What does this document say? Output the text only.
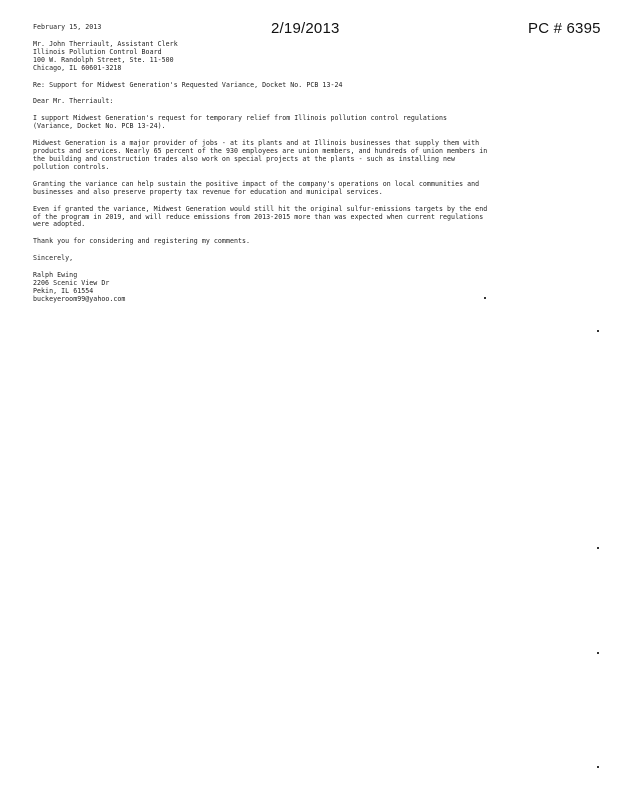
2/19/2013	PC # 6395
February 15, 2013
Mr. John Therriault, Assistant Clerk
Illinois Pollution Control Board
100 W. Randolph Street, Ste. 11-500
Chicago, IL 60601-3218
Re: Support for Midwest Generation's Requested Variance, Docket No. PCB 13-24
Dear Mr. Therriault:
I support Midwest Generation's request for temporary relief from Illinois pollution control regulations
(Variance, Docket No. PCB 13-24).
Midwest Generation is a major provider of jobs - at its plants and at Illinois businesses that supply them with
products and services. Nearly 65 percent of the 930 employees are union members, and hundreds of union members in
the building and construction trades also work on special projects at the plants - such as installing new
pollution controls.
Granting the variance can help sustain the positive impact of the company's operations on local communities and
businesses and also preserve property tax revenue for education and municipal services.
Even if granted the variance, Midwest Generation would still hit the original sulfur-emissions targets by the end
of the program in 2019, and will reduce emissions from 2013-2015 more than was expected when current regulations
were adopted.
Thank you for considering and registering my comments.
Sincerely,
Ralph Ewing
2206 Scenic View Dr
Pekin, IL 61554
buckeyeroom99@yahoo.com
